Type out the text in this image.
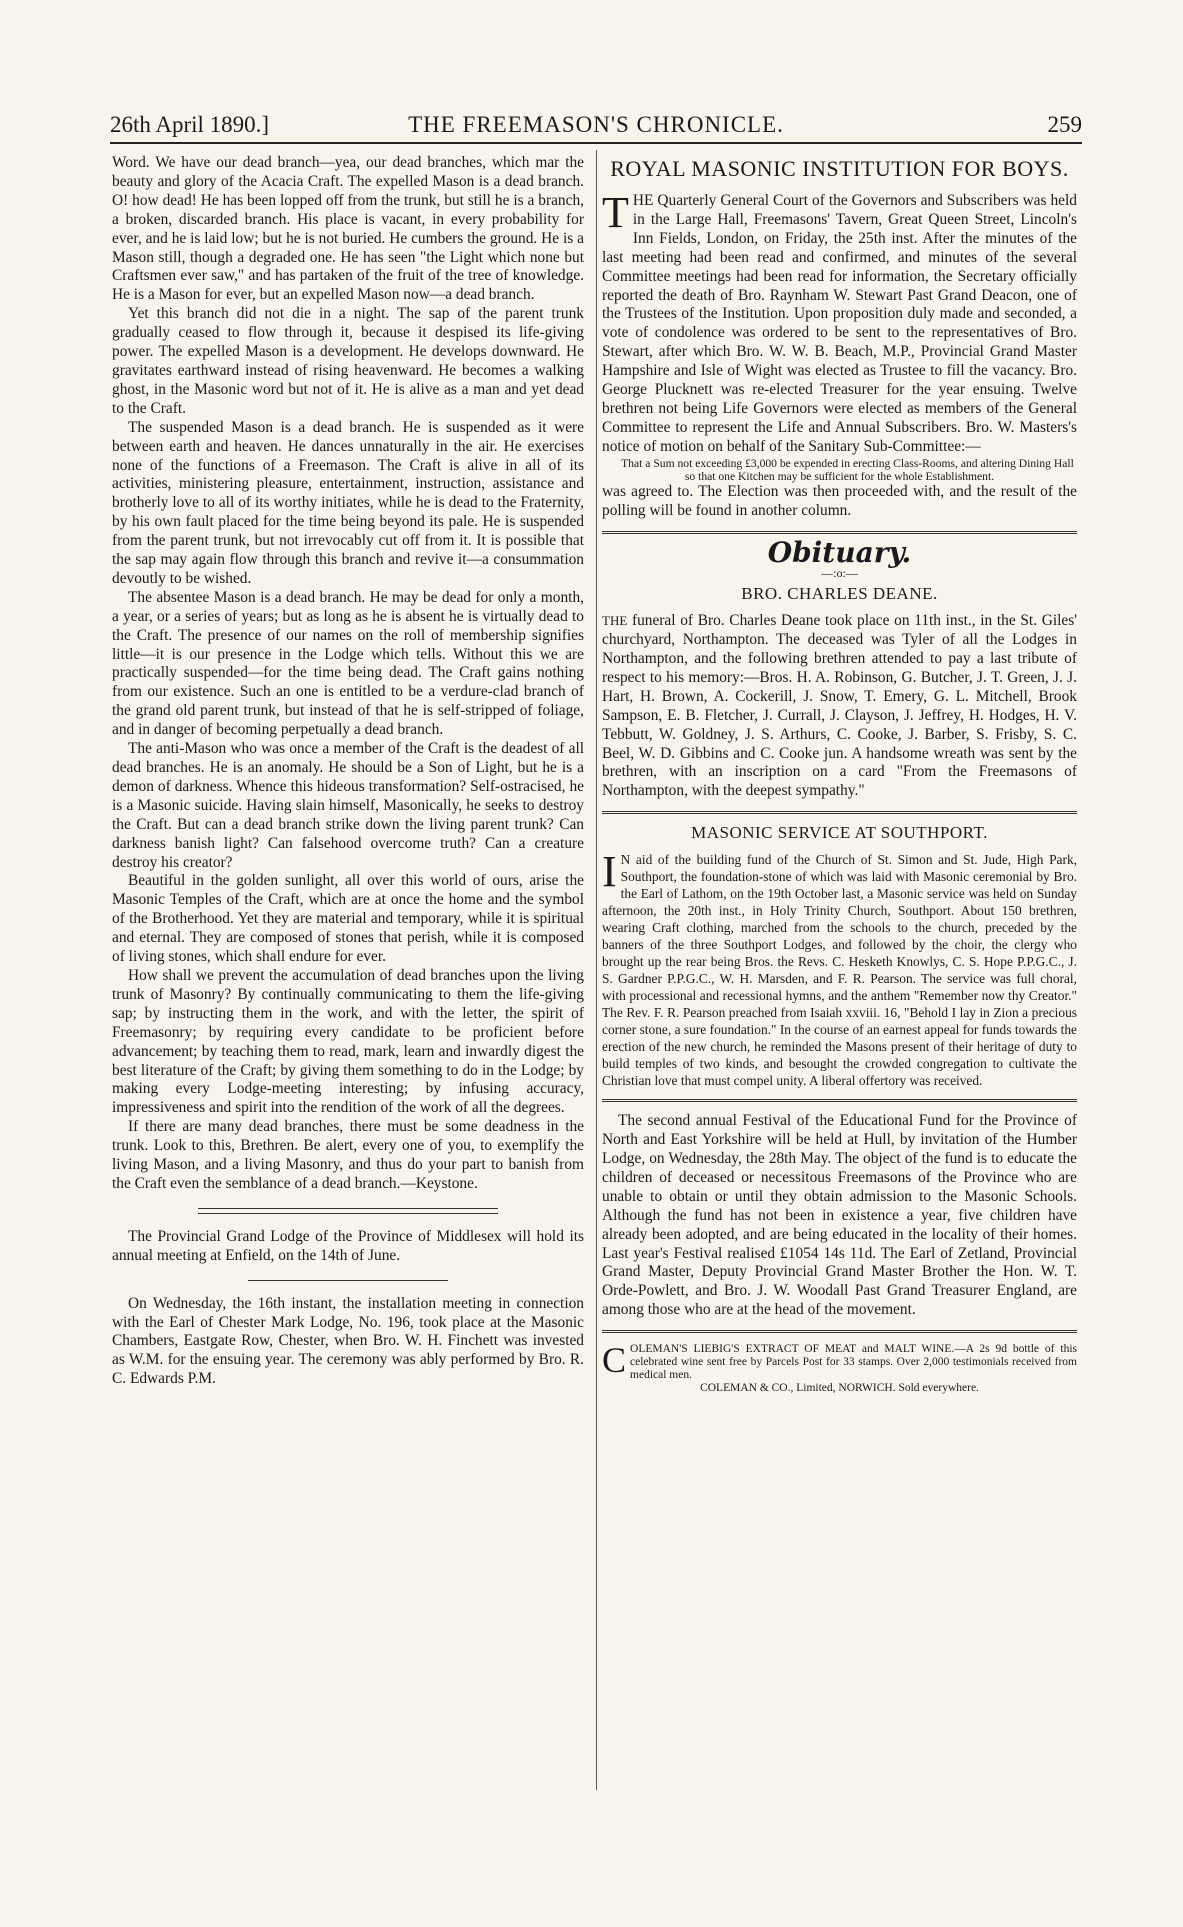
26th April 1890.]	THE FREEMASON'S CHRONICLE.	259

Word. We have our dead branch—yea, our dead branches, which mar the beauty and glory of the Acacia Craft. The expelled Mason is a dead branch. O! how dead! He has been lopped off from the trunk, but still he is a branch, a broken, discarded branch. His place is vacant, in every probability for ever, and he is laid low; but he is not buried. He cumbers the ground. He is a Mason still, though a degraded one. He has seen "the Light which none but Craftsmen ever saw," and has partaken of the fruit of the tree of knowledge. He is a Mason for ever, but an expelled Mason now—a dead branch.

Yet this branch did not die in a night. The sap of the parent trunk gradually ceased to flow through it, because it despised its life-giving power. The expelled Mason is a development. He develops downward. He gravitates earthward instead of rising heavenward. He becomes a walking ghost, in the Masonic word but not of it. He is alive as a man and yet dead to the Craft.

The suspended Mason is a dead branch. He is suspended as it were between earth and heaven. He dances unnaturally in the air. He exercises none of the functions of a Freemason. The Craft is alive in all of its activities, ministering pleasure, entertainment, instruction, assistance and brotherly love to all of its worthy initiates, while he is dead to the Fraternity, by his own fault placed for the time being beyond its pale. He is suspended from the parent trunk, but not irrevocably cut off from it. It is possible that the sap may again flow through this branch and revive it—a consummation devoutly to be wished.

The absentee Mason is a dead branch. He may be dead for only a month, a year, or a series of years; but as long as he is absent he is virtually dead to the Craft. The presence of our names on the roll of membership signifies little—it is our presence in the Lodge which tells. Without this we are practically suspended—for the time being dead. The Craft gains nothing from our existence. Such an one is entitled to be a verdure-clad branch of the grand old parent trunk, but instead of that he is self-stripped of foliage, and in danger of becoming perpetually a dead branch.

The anti-Mason who was once a member of the Craft is the deadest of all dead branches. He is an anomaly. He should be a Son of Light, but he is a demon of darkness. Whence this hideous transformation? Self-ostracised, he is a Masonic suicide. Having slain himself, Masonically, he seeks to destroy the Craft. But can a dead branch strike down the living parent trunk? Can darkness banish light? Can falsehood overcome truth? Can a creature destroy his creator?

Beautiful in the golden sunlight, all over this world of ours, arise the Masonic Temples of the Craft, which are at once the home and the symbol of the Brotherhood. Yet they are material and temporary, while it is spiritual and eternal. They are composed of stones that perish, while it is composed of living stones, which shall endure for ever.

How shall we prevent the accumulation of dead branches upon the living trunk of Masonry? By continually communicating to them the life-giving sap; by instructing them in the work, and with the letter, the spirit of Freemasonry; by requiring every candidate to be proficient before advancement; by teaching them to read, mark, learn and inwardly digest the best literature of the Craft; by giving them something to do in the Lodge; by making every Lodge-meeting interesting; by infusing accuracy, impressiveness and spirit into the rendition of the work of all the degrees.

If there are many dead branches, there must be some deadness in the trunk. Look to this, Brethren. Be alert, every one of you, to exemplify the living Mason, and a living Masonry, and thus do your part to banish from the Craft even the semblance of a dead branch.—Keystone.

The Provincial Grand Lodge of the Province of Middlesex will hold its annual meeting at Enfield, on the 14th of June.

On Wednesday, the 16th instant, the installation meeting in connection with the Earl of Chester Mark Lodge, No. 196, took place at the Masonic Chambers, Eastgate Row, Chester, when Bro. W. H. Finchett was invested as W.M. for the ensuing year. The ceremony was ably performed by Bro. R. C. Edwards P.M.

ROYAL MASONIC INSTITUTION FOR BOYS.

THE Quarterly General Court of the Governors and Subscribers was held in the Large Hall, Freemasons' Tavern, Great Queen Street, Lincoln's Inn Fields, London, on Friday, the 25th inst. After the minutes of the last meeting had been read and confirmed, and minutes of the several Committee meetings had been read for information, the Secretary officially reported the death of Bro. Raynham W. Stewart Past Grand Deacon, one of the Trustees of the Institution. Upon proposition duly made and seconded, a vote of condolence was ordered to be sent to the representatives of Bro. Stewart, after which Bro. W. W. B. Beach, M.P., Provincial Grand Master Hampshire and Isle of Wight was elected as Trustee to fill the vacancy. Bro. George Plucknett was re-elected Treasurer for the year ensuing. Twelve brethren not being Life Governors were elected as members of the General Committee to represent the Life and Annual Subscribers. Bro. W. Masters's notice of motion on behalf of the Sanitary Sub-Committee:—

That a Sum not exceeding £3,000 be expended in erecting Class-Rooms, and altering Dining Hall so that one Kitchen may be sufficient for the whole Establishment.

was agreed to. The Election was then proceeded with, and the result of the polling will be found in another column.

Obituary.
—:o:—
BRO. CHARLES DEANE.

THE funeral of Bro. Charles Deane took place on 11th inst., in the St. Giles' churchyard, Northampton. The deceased was Tyler of all the Lodges in Northampton, and the following brethren attended to pay a last tribute of respect to his memory:—Bros. H. A. Robinson, G. Butcher, J. T. Green, J. J. Hart, H. Brown, A. Cockerill, J. Snow, T. Emery, G. L. Mitchell, Brook Sampson, E. B. Fletcher, J. Currall, J. Clayson, J. Jeffrey, H. Hodges, H. V. Tebbutt, W. Goldney, J. S. Arthurs, C. Cooke, J. Barber, S. Frisby, S. C. Beel, W. D. Gibbins and C. Cooke jun. A handsome wreath was sent by the brethren, with an inscription on a card "From the Freemasons of Northampton, with the deepest sympathy."

MASONIC SERVICE AT SOUTHPORT.

I N aid of the building fund of the Church of St. Simon and St. Jude, High Park, Southport, the foundation-stone of which was laid with Masonic ceremonial by Bro. the Earl of Lathom, on the 19th October last, a Masonic service was held on Sunday afternoon, the 20th inst., in Holy Trinity Church, Southport. About 150 brethren, wearing Craft clothing, marched from the schools to the church, preceded by the banners of the three Southport Lodges, and followed by the choir, the clergy who brought up the rear being Bros. the Revs. C. Hesketh Knowlys, C. S. Hope P.P.G.C., J. S. Gardner P.P.G.C., W. H. Marsden, and F. R. Pearson. The service was full choral, with processional and recessional hymns, and the anthem "Remember now thy Creator." The Rev. F. R. Pearson preached from Isaiah xxviii. 16, "Behold I lay in Zion a precious corner stone, a sure foundation." In the course of an earnest appeal for funds towards the erection of the new church, he reminded the Masons present of their heritage of duty to build temples of two kinds, and besought the crowded congregation to cultivate the Christian love that must compel unity. A liberal offertory was received.

The second annual Festival of the Educational Fund for the Province of North and East Yorkshire will be held at Hull, by invitation of the Humber Lodge, on Wednesday, the 28th May. The object of the fund is to educate the children of deceased or necessitous Freemasons of the Province who are unable to obtain or until they obtain admission to the Masonic Schools. Although the fund has not been in existence a year, five children have already been adopted, and are being educated in the locality of their homes. Last year's Festival realised £1054 14s 11d. The Earl of Zetland, Provincial Grand Master, Deputy Provincial Grand Master Brother the Hon. W. T. Orde-Powlett, and Bro. J. W. Woodall Past Grand Treasurer England, are among those who are at the head of the movement.

COLEMAN'S LIEBIG'S EXTRACT OF MEAT and MALT WINE.—A 2s 9d bottle of this celebrated wine sent free by Parcels Post for 33 stamps. Over 2,000 testimonials received from medical men.
COLEMAN & CO., Limited, NORWICH. Sold everywhere.
